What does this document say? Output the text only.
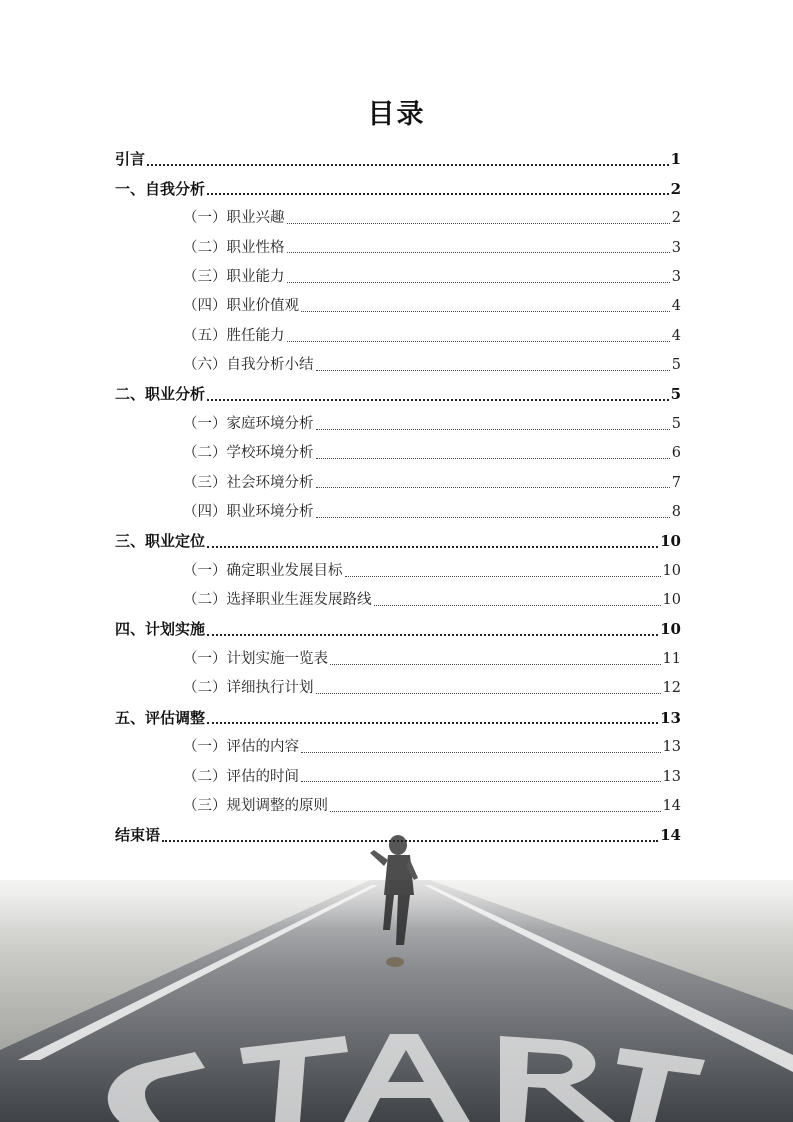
目录
引言	1
一、自我分析	2
（一）职业兴趣	2
（二）职业性格	3
（三）职业能力	3
（四）职业价值观	4
（五）胜任能力	4
（六）自我分析小结	5
二、职业分析	5
（一）家庭环境分析	5
（二）学校环境分析	6
（三）社会环境分析	7
（四）职业环境分析	8
三、职业定位	10
（一）确定职业发展目标	10
（二）选择职业生涯发展路线	10
四、计划实施	10
（一）计划实施一览表	11
（二）详细执行计划	12
五、评估调整	13
（一）评估的内容	13
（二）评估的时间	13
（三）规划调整的原则	14
结束语	14
